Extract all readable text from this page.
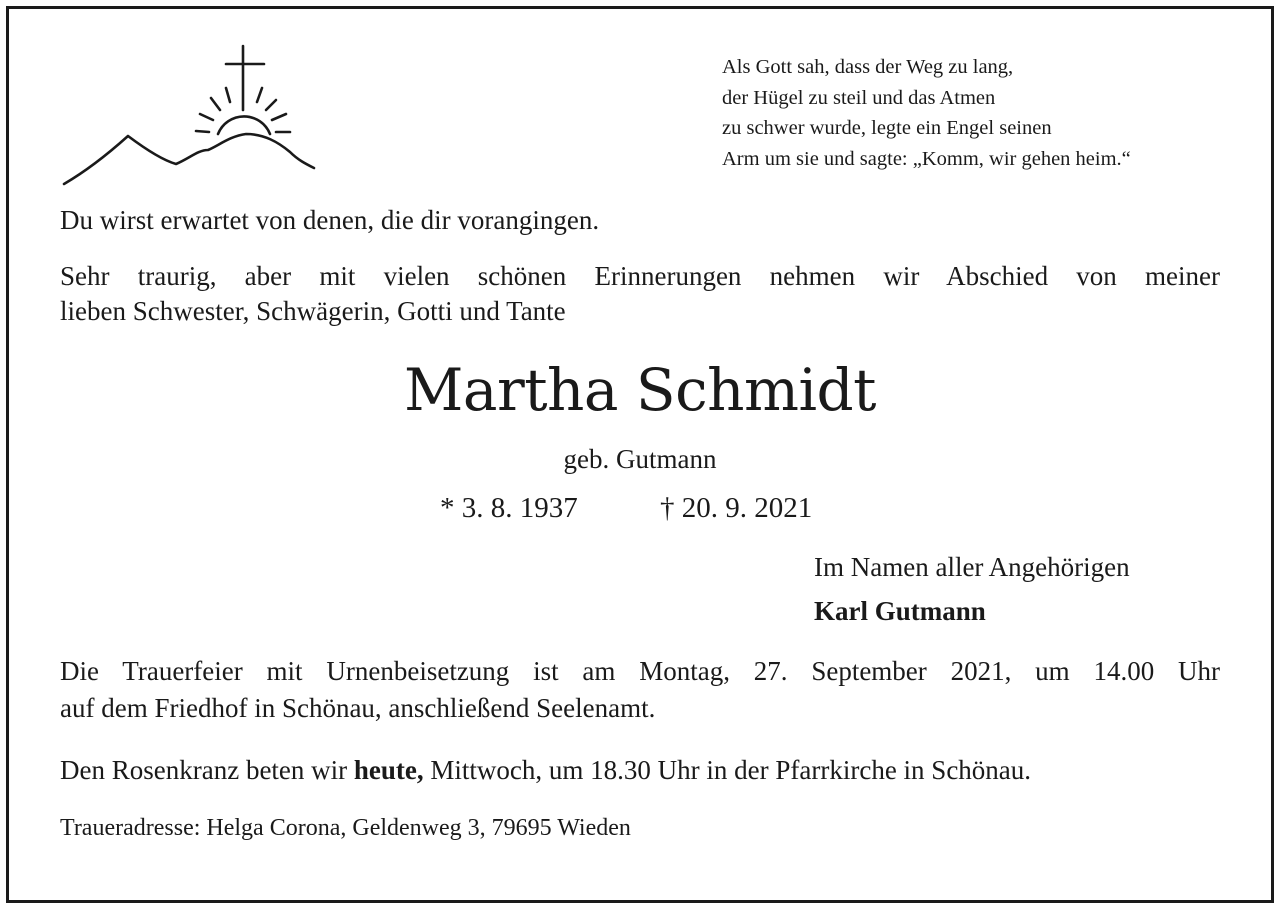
Als Gott sah, dass der Weg zu lang,
der Hügel zu steil und das Atmen
zu schwer wurde, legte ein Engel seinen
Arm um sie und sagte: „Komm, wir gehen heim.“
Du wirst erwartet von denen, die dir vorangingen.
Sehr traurig, aber mit vielen schönen Erinnerungen nehmen wir Abschied von meiner
lieben Schwester, Schwägerin, Gotti und Tante
Martha Schmidt
geb. Gutmann
* 3. 8. 1937	† 20. 9. 2021
Im Namen aller Angehörigen
Karl Gutmann
Die Trauerfeier mit Urnenbeisetzung ist am Montag, 27. September 2021, um 14.00 Uhr
auf dem Friedhof in Schönau, anschließend Seelenamt.
Den Rosenkranz beten wir heute, Mittwoch, um 18.30 Uhr in der Pfarrkirche in Schönau.
Traueradresse: Helga Corona, Geldenweg 3, 79695 Wieden
